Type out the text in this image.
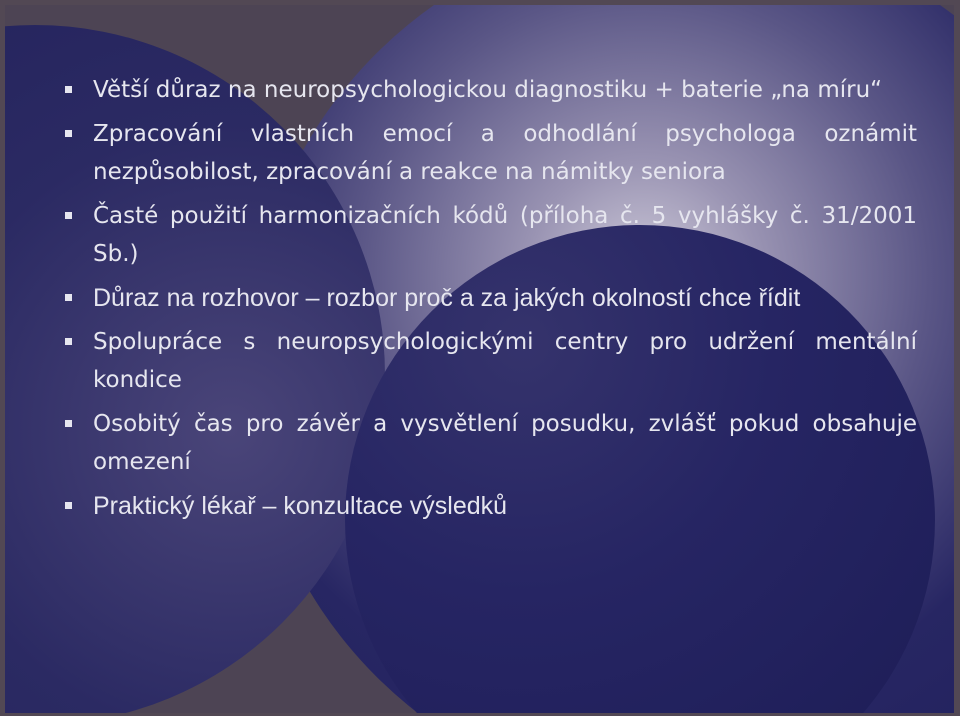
Větší důraz na neuropsychologickou diagnostiku + baterie „na míru“
Zpracování vlastních emocí a odhodlání psychologa oznámit nezpůsobilost, zpracování a reakce na námitky seniora
Časté použití harmonizačních kódů (příloha č. 5 vyhlášky č. 31/2001 Sb.)
Důraz na rozhovor – rozbor proč a za jakých okolností chce řídit
Spolupráce s neuropsychologickými centry pro udržení mentální kondice
Osobitý čas pro závěr a vysvětlení posudku, zvlášť pokud obsahuje omezení
Praktický lékař – konzultace výsledků
